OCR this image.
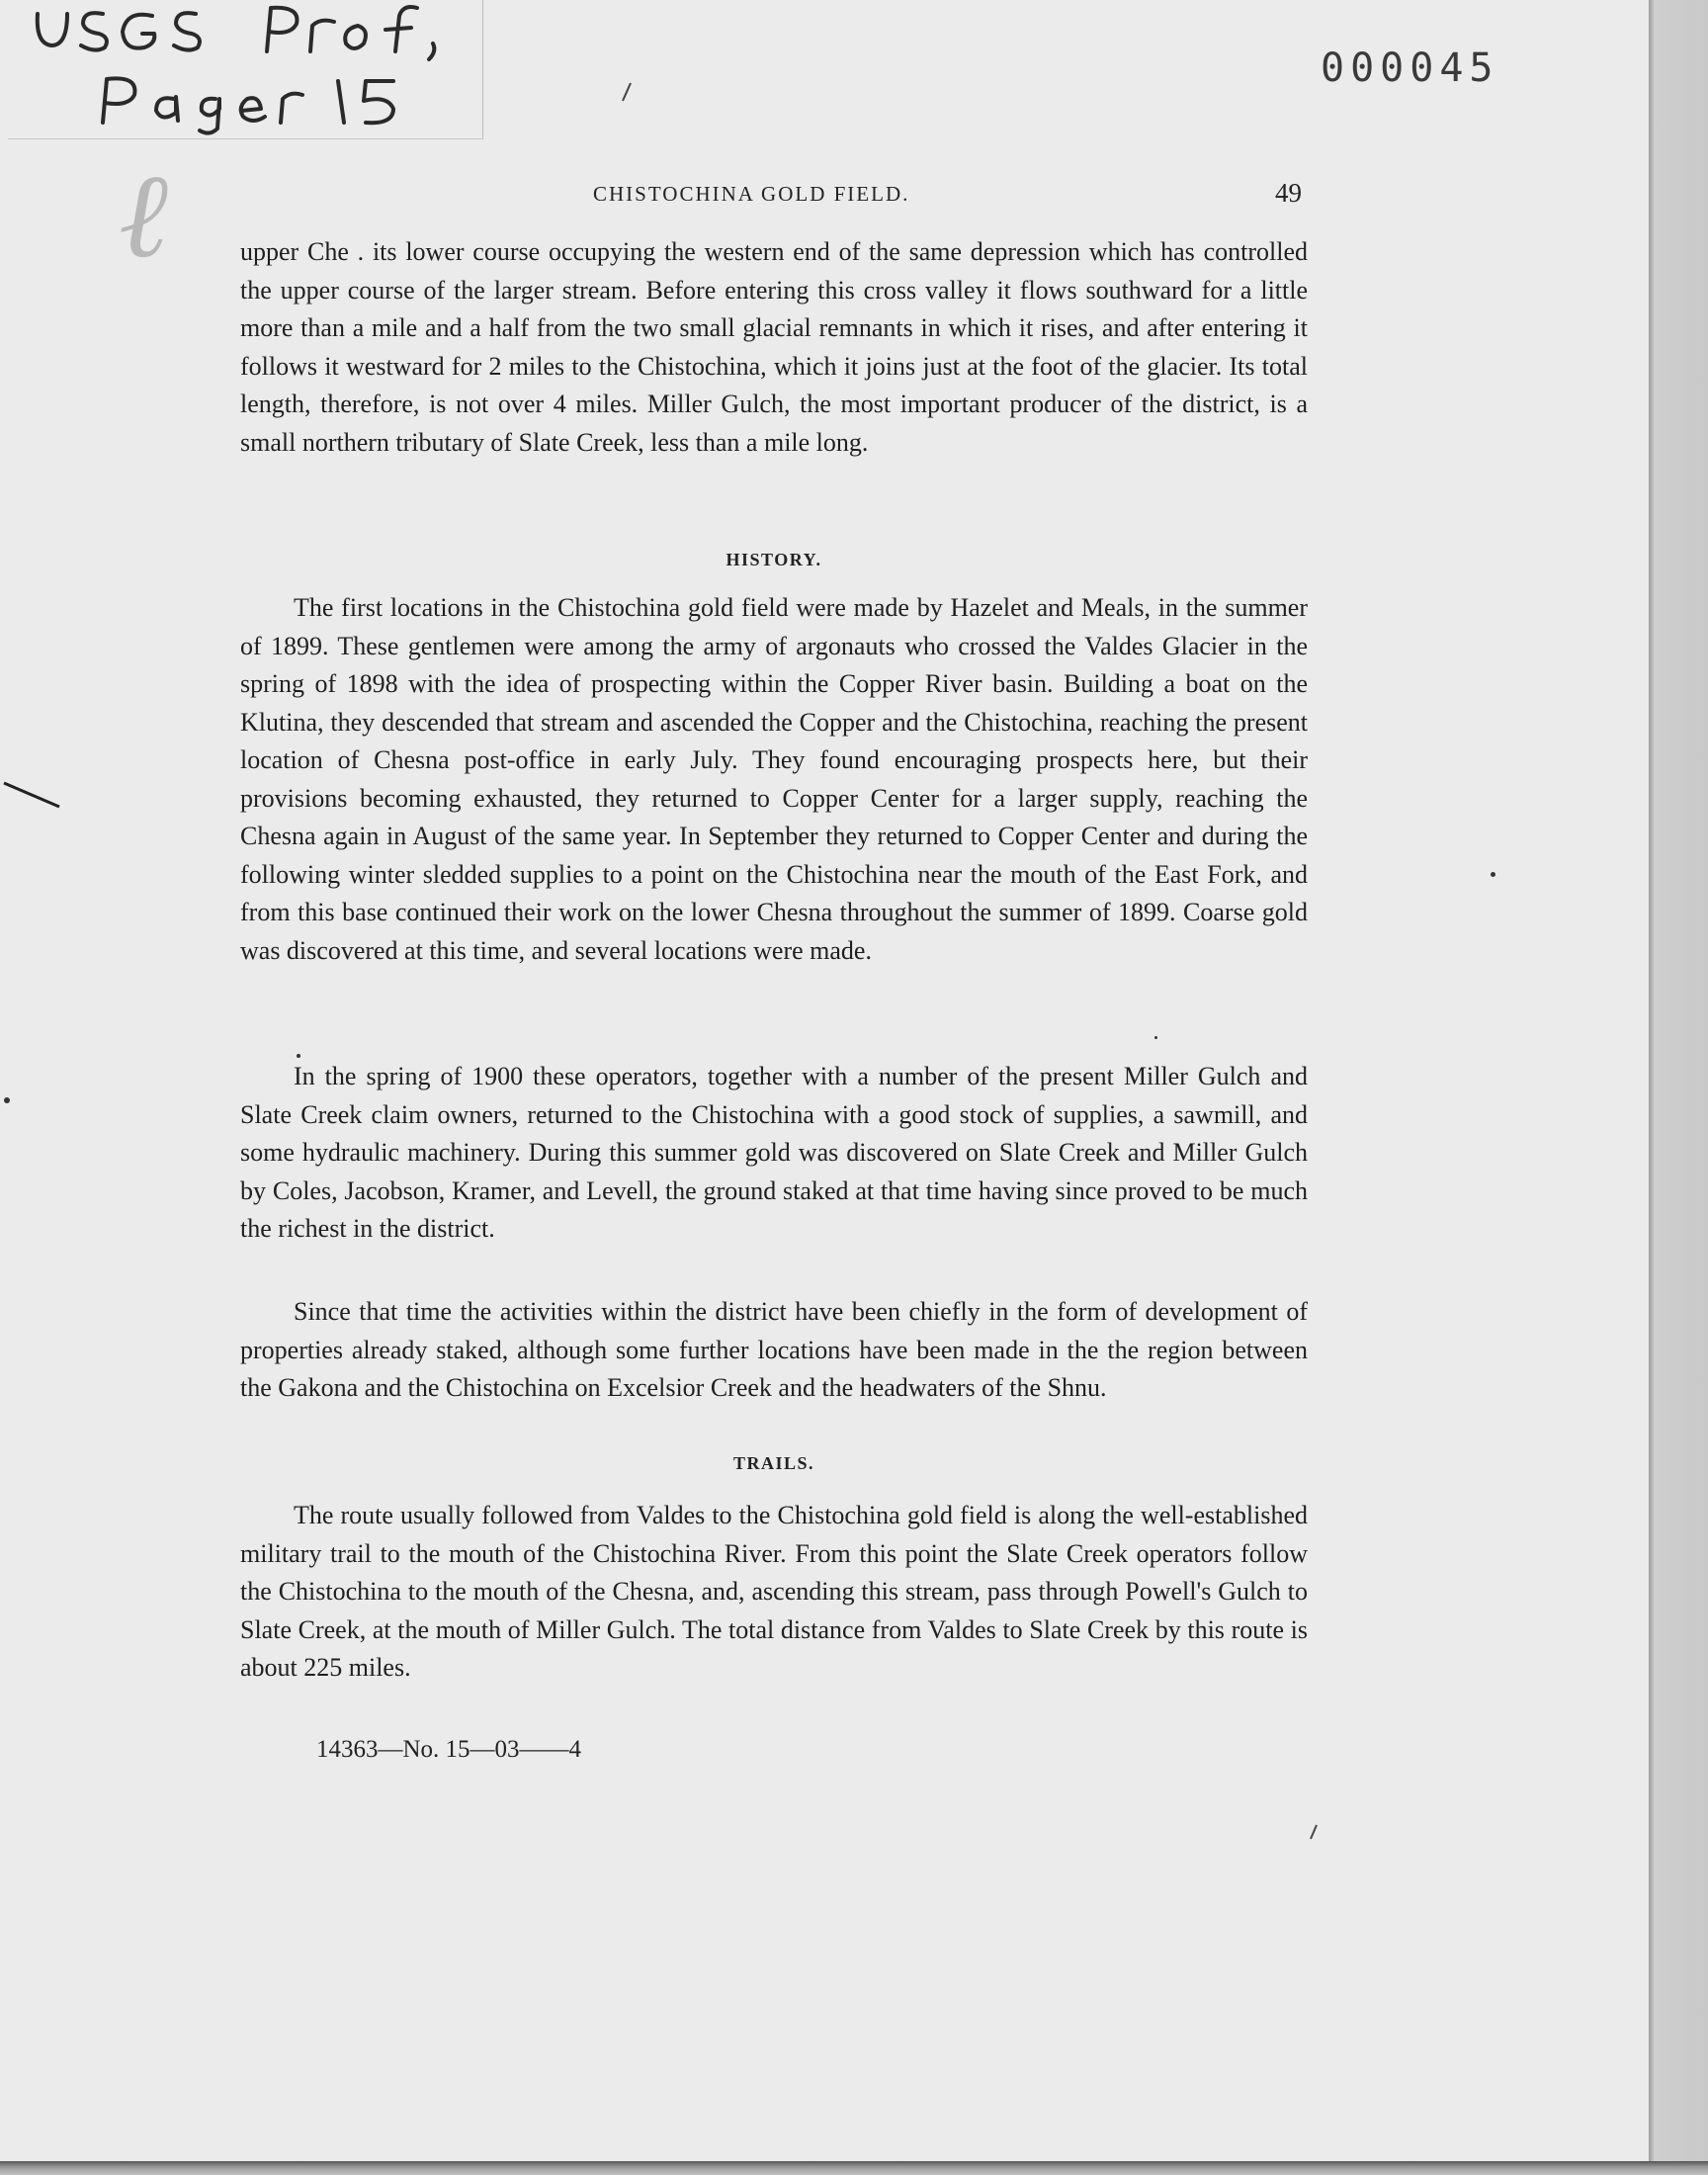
ℓ
000045
CHISTOCHINA GOLD FIELD.	49

upper Che . its lower course occupying the western end of the same depression which has controlled the upper course of the larger stream. Before entering this cross valley it flows southward for a little more than a mile and a half from the two small glacial remnants in which it rises, and after entering it follows it westward for 2 miles to the Chistochina, which it joins just at the foot of the glacier. Its total length, therefore, is not over 4 miles. Miller Gulch, the most important producer of the district, is a small northern tributary of Slate Creek, less than a mile long.

HISTORY.

The first locations in the Chistochina gold field were made by Hazelet and Meals, in the summer of 1899. These gentlemen were among the army of argonauts who crossed the Valdes Glacier in the spring of 1898 with the idea of prospecting within the Copper River basin. Building a boat on the Klutina, they descended that stream and ascended the Copper and the Chistochina, reaching the present location of Chesna post-office in early July. They found encouraging prospects here, but their provisions becoming exhausted, they returned to Copper Center for a larger supply, reaching the Chesna again in August of the same year. In September they returned to Copper Center and during the following winter sledded supplies to a point on the Chistochina near the mouth of the East Fork, and from this base continued their work on the lower Chesna throughout the summer of 1899. Coarse gold was discovered at this time, and several locations were made.

In the spring of 1900 these operators, together with a number of the present Miller Gulch and Slate Creek claim owners, returned to the Chistochina with a good stock of supplies, a sawmill, and some hydraulic machinery. During this summer gold was discovered on Slate Creek and Miller Gulch by Coles, Jacobson, Kramer, and Levell, the ground staked at that time having since proved to be much the richest in the district.

Since that time the activities within the district have been chiefly in the form of development of properties already staked, although some further locations have been made in the the region between the Gakona and the Chistochina on Excelsior Creek and the headwaters of the Shnu.

TRAILS.

The route usually followed from Valdes to the Chistochina gold field is along the well-established military trail to the mouth of the Chistochina River. From this point the Slate Creek operators follow the Chistochina to the mouth of the Chesna, and, ascending this stream, pass through Powell's Gulch to Slate Creek, at the mouth of Miller Gulch. The total distance from Valdes to Slate Creek by this route is about 225 miles.

14363—No. 15—03——4
